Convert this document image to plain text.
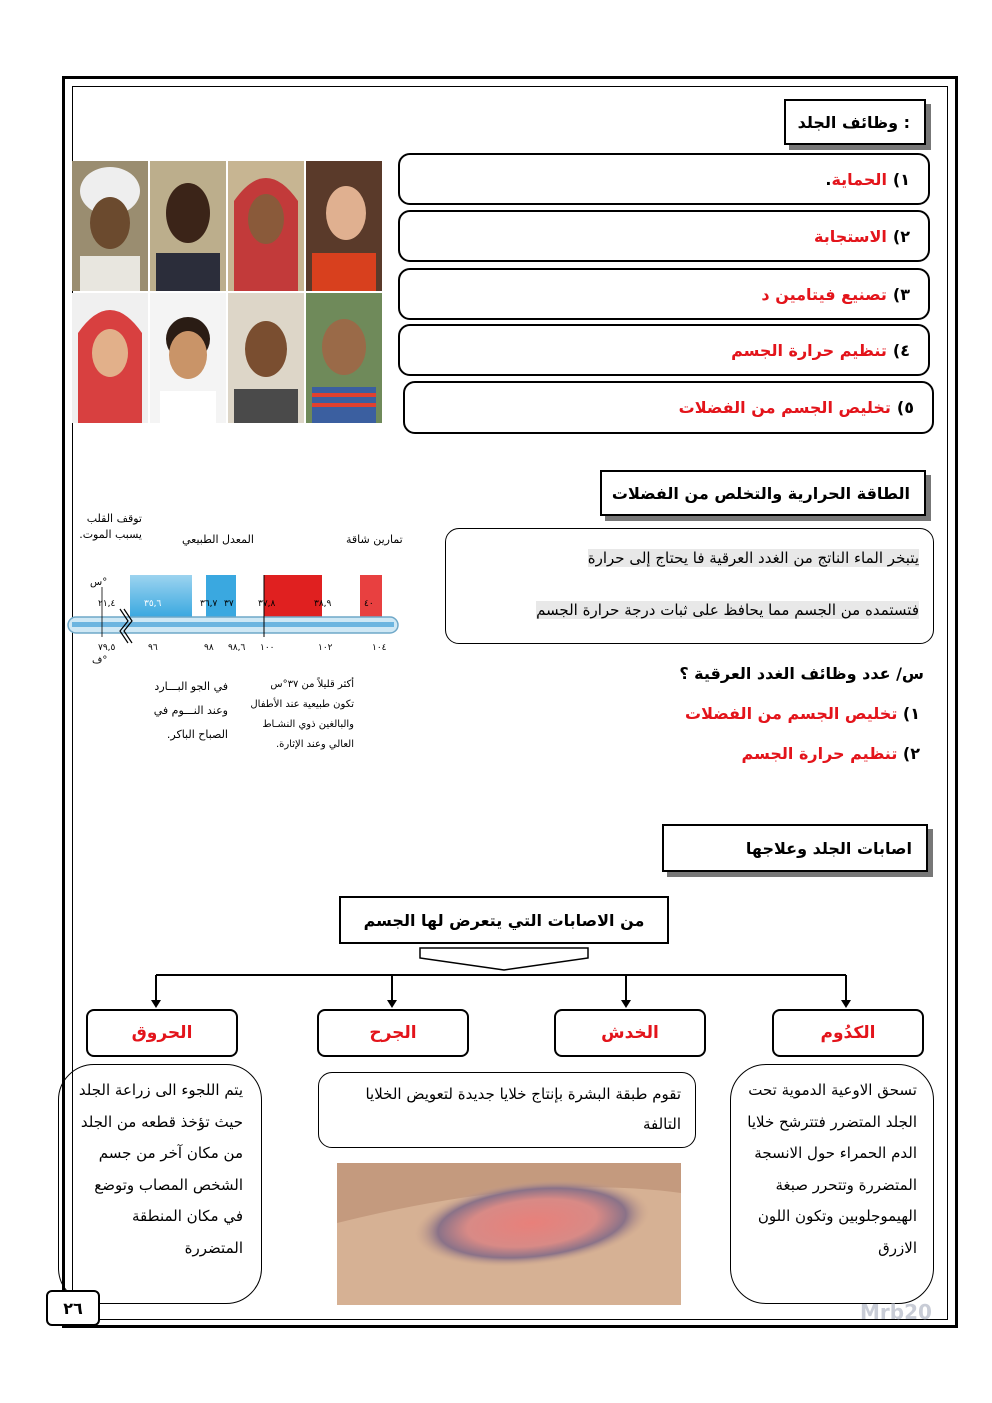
وظائف الجلد :
١)
الحماية
.
٢)
الاستجابة
٣)
تصنيع فيتامين د
٤)
تنظيم حرارة الجسم
٥)
تخليص الجسم من الفضلات
الطاقة الحرارية والتخلص من الفضلات
يتبخر الماء الناتج من الغدد العرقية فا يحتاج إلى حرارة
فتستمده من الجسم مما يحافظ على ثبات درجة حرارة الجسم
س/ عدد وظائف الغدد العرقية ؟
١) تخليص الجسم من الفضلات
٢) تنظيم حرارة الجسم
توقف القلب
يسبب الموت.	المعدل الطبيعي	تمارين شاقة
س°
ف°
٢١,٤	٣٥,٦	٣٦,٧ ٣٧	٣٧,٨	٣٨,٩	٤٠
٧٩,٥	٩٦	٩٨ ٩٨,٦ ١٠٠	١٠٢	١٠٤
في الجو البـــارد
وعند النـــوم في
الصباح الباكر.
أكثر قليلاً من ٣٧°س
تكون طبيعية عند الأطفال
والبالغين ذوي النشـاط
العالي وعند الإثارة.
اصابات الجلد وعلاجها
من الاصابات التي يتعرض لها الجسم
الكدُوم
الخدش
الجرح
الحروق
تسحق الاوعية الدموية تحت الجلد المتضرر فتترشح خلايا الدم الحمراء حول الانسجة المتضررة وتتحرر صبغة الهيموجلوبين وتكون اللون الازرق
تقوم طبقة البشرة بإنتاج خلايا جديدة لتعويض الخلايا التالفة
يتم اللجوء الى زراعة الجلد حيث تؤخذ قطعه من الجلد من مكان آخر من جسم الشخص المصاب وتوضع في مكان المنطقة المتضررة
٢٦	Mrb20
